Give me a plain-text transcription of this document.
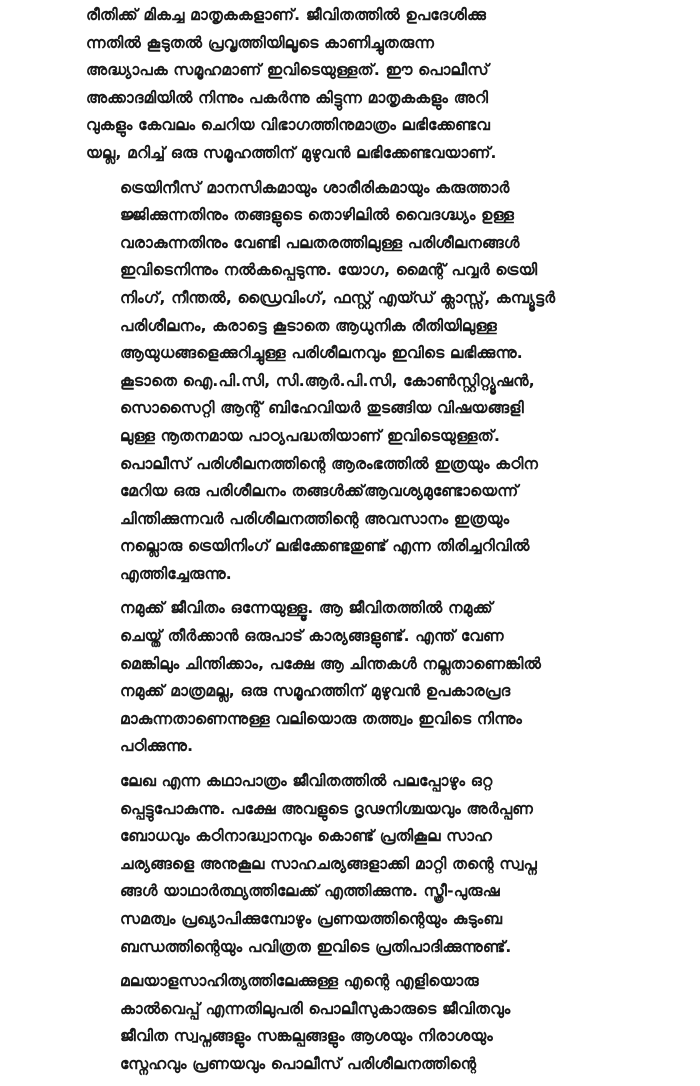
രീതിക്ക് മികച്ച മാതൃകകളാണ്. ജീവിതത്തിൽ ഉപദേശിക്കു
ന്നതിൽ കൂടുതൽ പ്രവൃത്തിയിലൂടെ കാണിച്ചുതരുന്ന
അദ്ധ്യാപക സമൂഹമാണ് ഇവിടെയുള്ളത്. ഈ പൊലീസ്
അക്കാദമിയിൽ നിന്നും പകർന്നു കിട്ടുന്ന മാതൃകകളും അറി
വുകളും കേവലം ചെറിയ വിഭാഗത്തിനുമാത്രം ലഭിക്കേണ്ടവ
യല്ല, മറിച്ച് ഒരു സമൂഹത്തിന് മുഴുവൻ ലഭിക്കേണ്ടവയാണ്.
ട്രെയിനീസ് മാനസികമായും ശാരീരികമായും കരുത്താർ
ജ്ജിക്കുന്നതിനും തങ്ങളുടെ തൊഴിലിൽ വൈദഗ്ദ്ധ്യം ഉള്ള
വരാകുന്നതിനും വേണ്ടി പലതരത്തിലുള്ള പരിശീലനങ്ങൾ
ഇവിടെനിന്നും നൽകപ്പെടുന്നു. യോഗ, മൈന്റ് പവ്വർ ട്രെയി
നിംഗ്, നീന്തൽ, ഡ്രൈവിംഗ്, ഫസ്റ്റ് എയ്ഡ് ക്ലാസ്സ്, കമ്പ്യൂട്ടർ
പരിശീലനം, കരാട്ടെ കൂടാതെ ആധുനിക രീതിയിലുള്ള
ആയുധങ്ങളെക്കുറിച്ചുള്ള പരിശീലനവും ഇവിടെ ലഭിക്കുന്നു.
കൂടാതെ ഐ.പി.സി, സി.ആർ.പി.സി, കോൺസ്റ്റിറ്റ്യൂഷൻ,
സൊസൈറ്റി ആന്റ് ബിഹേവിയർ തുടങ്ങിയ വിഷയങ്ങളി
ലുള്ള നൂതനമായ പാഠ്യപദ്ധതിയാണ് ഇവിടെയുള്ളത്.
പൊലീസ് പരിശീലനത്തിന്റെ ആരംഭത്തിൽ ഇത്രയും കഠിന
മേറിയ ഒരു പരിശീലനം തങ്ങൾക്ക്ആവശ്യമുണ്ടോയെന്ന്
ചിന്തിക്കുന്നവർ പരിശീലനത്തിന്റെ അവസാനം ഇത്രയും
നല്ലൊരു ട്രെയിനിംഗ് ലഭിക്കേണ്ടതുണ്ട് എന്ന തിരിച്ചറിവിൽ
എത്തിച്ചേരുന്നു.
നമുക്ക് ജീവിതം ഒന്നേയുള്ളൂ. ആ ജീവിതത്തിൽ നമുക്ക്
ചെയ്ത് തീർക്കാൻ ഒരുപാട് കാര്യങ്ങളുണ്ട്. എന്ത് വേണ
മെങ്കിലും ചിന്തിക്കാം, പക്ഷേ ആ ചിന്തകൾ നല്ലതാണെങ്കിൽ
നമുക്ക് മാത്രമല്ല, ഒരു സമൂഹത്തിന് മുഴുവൻ ഉപകാരപ്രദ
മാകുന്നതാണെന്നുള്ള വലിയൊരു തത്ത്വം ഇവിടെ നിന്നും
പഠിക്കുന്നു.
ലേഖ എന്ന കഥാപാത്രം ജീവിതത്തിൽ പലപ്പോഴും ഒറ്റ
പ്പെട്ടുപോകുന്നു. പക്ഷേ അവളുടെ ദൃഢനിശ്ചയവും അർപ്പണ
ബോധവും കഠിനാദ്ധ്വാനവും കൊണ്ട് പ്രതികൂല സാഹ
ചര്യങ്ങളെ അനുകൂല സാഹചര്യങ്ങളാക്കി മാറ്റി തന്റെ സ്വപ്ന
ങ്ങൾ യാഥാർത്ഥ്യത്തിലേക്ക് എത്തിക്കുന്നു. സ്ത്രീ-പുരുഷ
സമത്വം പ്രഖ്യാപിക്കുമ്പോഴും പ്രണയത്തിന്റെയും കുടുംബ
ബന്ധത്തിന്റെയും പവിത്രത ഇവിടെ പ്രതിപാദിക്കുന്നുണ്ട്.
മലയാളസാഹിത്യത്തിലേക്കുള്ള എന്റെ എളിയൊരു
കാൽവെപ്പ് എന്നതിലുപരി പൊലീസുകാരുടെ ജീവിതവും
ജീവിത സ്വപ്നങ്ങളും സങ്കല്പങ്ങളും ആശയും നിരാശയും
സ്നേഹവും പ്രണയവും പൊലീസ് പരിശീലനത്തിന്റെ
